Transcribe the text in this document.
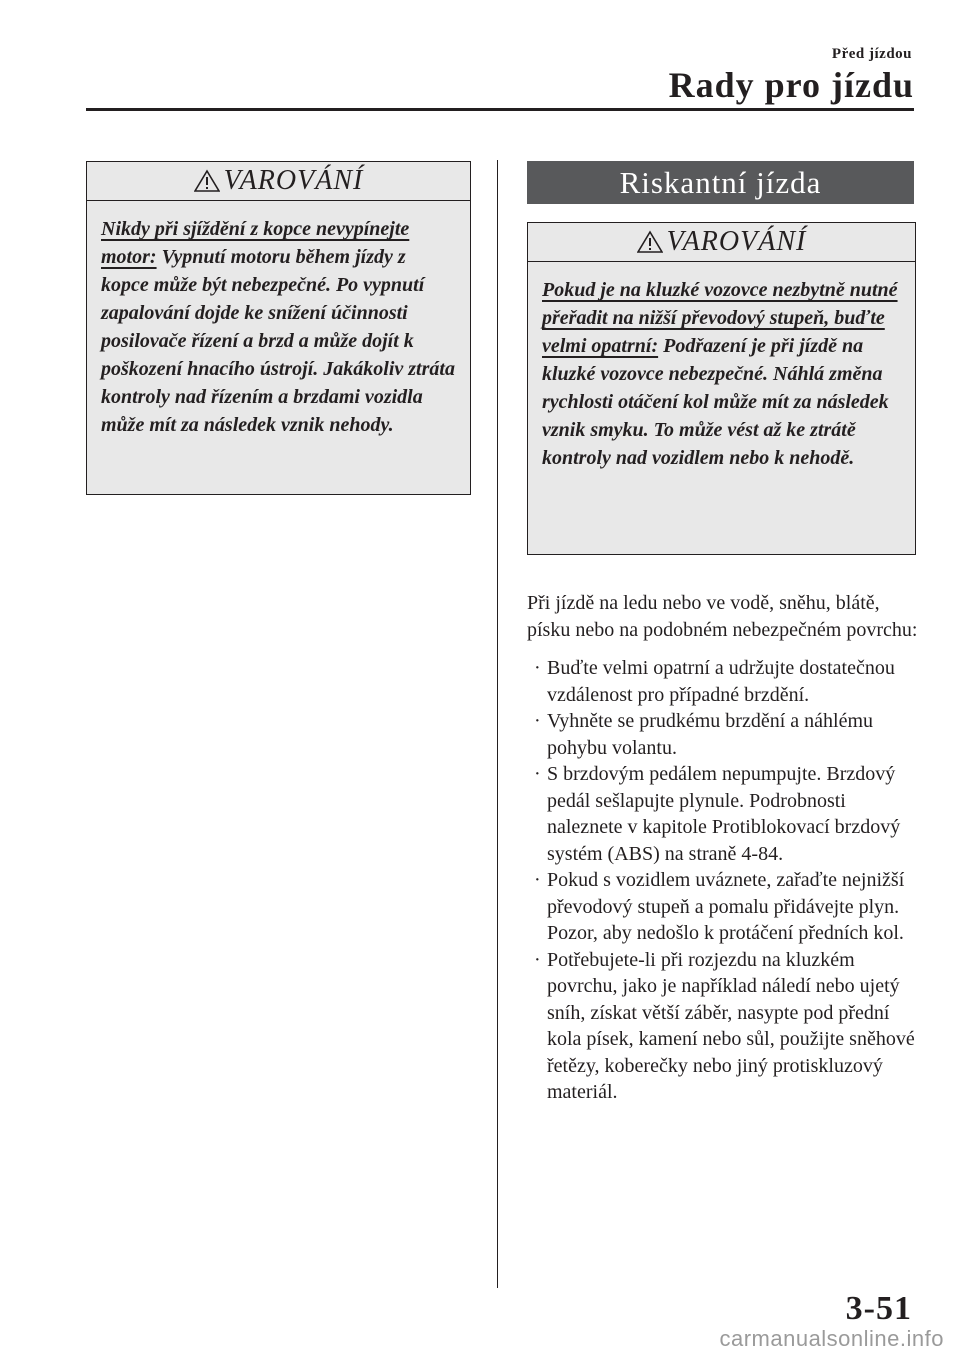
Před jízdou
Rady pro jízdu
VAROVÁNÍ
Nikdy při sjíždění z kopce nevypínejte motor: Vypnutí motoru během jízdy z kopce může být nebezpečné. Po vypnutí zapalování dojde ke snížení účinnosti posilovače řízení a brzd a může dojít k poškození hnacího ústrojí. Jakákoliv ztráta kontroly nad řízením a brzdami vozidla může mít za následek vznik nehody.
Riskantní jízda
VAROVÁNÍ
Pokud je na kluzké vozovce nezbytně nutné přeřadit na nižší převodový stupeň, buďte velmi opatrní: Podřazení je při jízdě na kluzké vozovce nebezpečné. Náhlá změna rychlosti otáčení kol může mít za následek vznik smyku. To může vést až ke ztrátě kontroly nad vozidlem nebo k nehodě.

Při jízdě na ledu nebo ve vodě, sněhu, blátě, písku nebo na podobném nebezpečném povrchu:

· Buďte velmi opatrní a udržujte dostatečnou vzdálenost pro případné brzdění.
· Vyhněte se prudkému brzdění a náhlému pohybu volantu.
· S brzdovým pedálem nepumpujte. Brzdový pedál sešlapujte plynule. Podrobnosti naleznete v kapitole Protiblokovací brzdový systém (ABS) na straně 4-84.
· Pokud s vozidlem uváznete, zařaďte nejnižší převodový stupeň a pomalu přidávejte plyn. Pozor, aby nedošlo k protáčení předních kol.
· Potřebujete-li při rozjezdu na kluzkém povrchu, jako je například náledí nebo ujetý sníh, získat větší záběr, nasypte pod přední kola písek, kamení nebo sůl, použijte sněhové řetězy, koberečky nebo jiný protiskluzový materiál.
3-51
carmanualsonline.info
